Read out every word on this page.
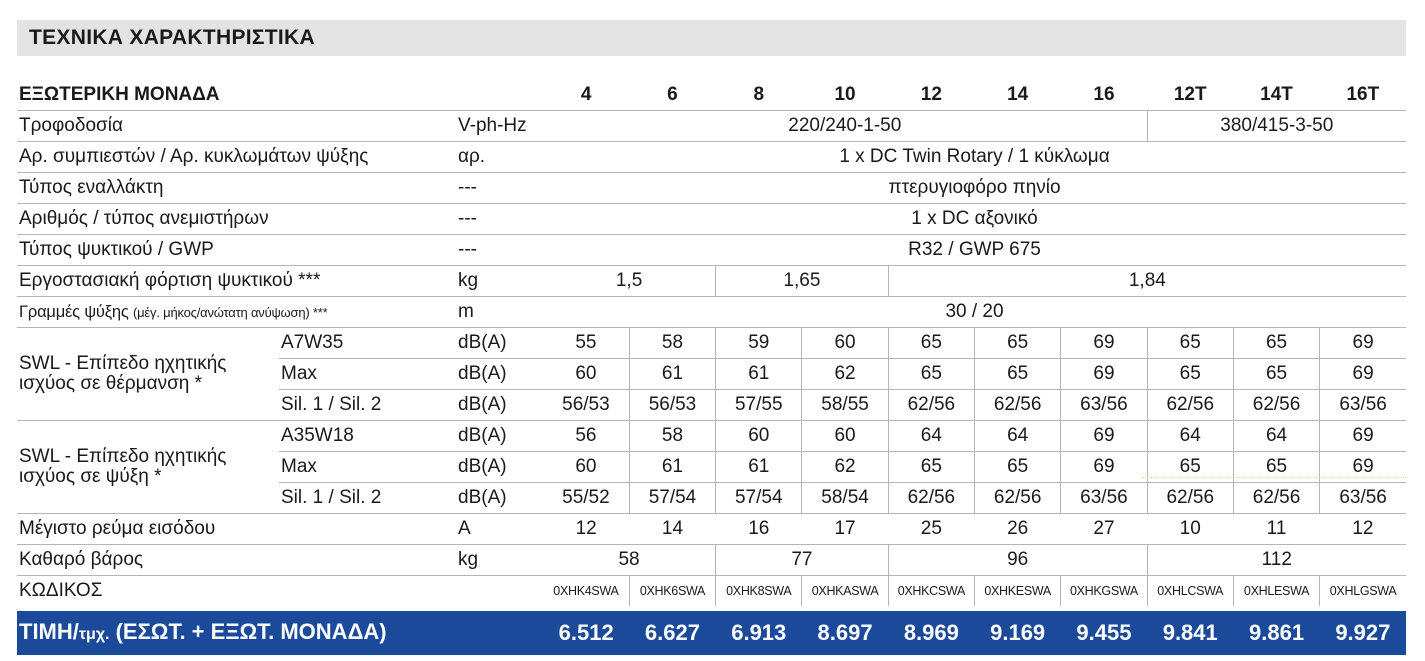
ΤΕΧΝΙΚΑ ΧΑΡΑΚΤΗΡΙΣΤΙΚΑ
ΕΞΩΤΕΡΙΚΗ ΜΟΝΑΔΑ			4	6	8	10	12	14	16	12T	14T	16T
Τροφοδοσία		V-ph-Hz	220/240-1-50							380/415-3-50		
Αρ. συμπιεστών / Αρ. κυκλωμάτων ψύξης		αρ.	1 x DC Twin Rotary / 1 κύκλωμα									
Τύπος εναλλάκτη		---	πτερυγιοφόρο πηνίο									
Αριθμός / τύπος ανεμιστήρων		---	1 x DC αξονικό									
Τύπος ψυκτικού / GWP		---	R32 / GWP 675									
Εργοστασιακή φόρτιση ψυκτικού ***		kg	1,5		1,65		1,84					
Γραμμές ψύξης (μέγ. μήκος/ανώτατη ανύψωση) ***		m	30 / 20									
SWL - Επίπεδο ηχητικής ισχύος σε θέρμανση *	A7W35	dB(A)	55	58	59	60	65	65	69	65	65	69
	Max	dB(A)	60	61	61	62	65	65	69	65	65	69
	Sil. 1 / Sil. 2	dB(A)	56/53	56/53	57/55	58/55	62/56	62/56	63/56	62/56	62/56	63/56
SWL - Επίπεδο ηχητικής ισχύος σε ψύξη *	A35W18	dB(A)	56	58	60	60	64	64	69	64	64	69
	Max	dB(A)	60	61	61	62	65	65	69	65	65	69
	Sil. 1 / Sil. 2	dB(A)	55/52	57/54	57/54	58/54	62/56	62/56	63/56	62/56	62/56	63/56
Μέγιστο ρεύμα εισόδου		A	12	14	16	17	25	26	27	10	11	12
Καθαρό βάρος		kg	58		77		96			112		
ΚΩΔΙΚΟΣ			0XHK4SWA	0XHK6SWA	0XHK8SWA	0XHKASWA	0XHKCSWA	0XHKESWA	0XHKGSWA	0XHLCSWA	0XHLESWA	0XHLGSWA
ΤΙΜΗ/τμχ. (ΕΣΩΤ. + ΕΞΩΤ. ΜΟΝΑΔΑ)			6.512	6.627	6.913	8.697	8.969	9.169	9.455	9.841	9.861	9.927
